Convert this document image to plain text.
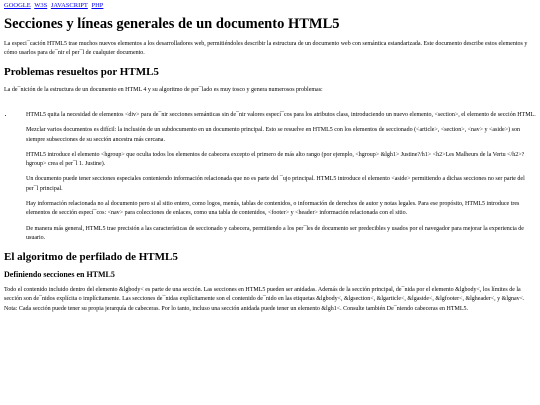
GOOGLE W3S JAVASCRIPT PHP
Secciones y líneas generales de un documento HTML5

La especi¯cación HTML5 trae muchos nuevos elementos a los desarrolladores web, permitiéndoles describir la estructura de un documento web con semántica estandarizada. Este documento describe estos elementos y cómo usarlos para de¯nir el per¯l de cualquier documento.

Problemas resueltos por HTML5

La de¯nición de la estructura de un documento en HTML 4 y su algoritmo de per¯lado es muy tosco y genera numerosos problemas:

• HTML5 quita la necesidad de elementos <div> para de¯nir secciones semánticas sin de¯nir valores especí¯cos para los atributos class, introduciendo un nuevo elemento, <section>, el elemento de sección HTML.

Mezclar varios documentos es difícil: la inclusión de un subdocumento en un documento principal. Esto se resuelve en HTML5 con los elementos de seccionado (<article>, <section>, <nav> y <aside>) son siempre subsecciones de su sección ancestra más cercana.

HTML5 introduce el elemento <hgroup> que oculta todos los elementos de cabecera excepto el primero de más alto rango (por ejemplo, <hgroup> &lgh1> Justine?/h1> <h2>Les Malheurs de la Vertu </h2>?hgroup> crea el per¯l 1. Justine).

Un documento puede tener secciones especiales conteniendo información relacionada que no es parte del ¯ujo principal. HTML5 introduce el elemento <aside> permitiendo a dichas secciones no ser parte del per¯l principal.

Hay información relacionada no al documento pero si al sitio entero, como logos, menús, tablas de contenidos, o información de derechos de autor y notas legales. Para ese propósito, HTML5 introduce tres elementos de sección especí¯cos: <nav> para colecciones de enlaces, como una tabla de contenidos, <footer> y <header> información relacionada con el sitio.

De manera más general, HTML5 trae precisión a las características de seccionado y cabecera, permitiendo a los per¯les de documento ser predecibles y usados por el navegador para mejorar la experiencia de usuario.

El algoritmo de perfilado de HTML5
Definiendo secciones en HTML5

Todo el contenido incluido dentro del elemento &lgbody< es parte de una sección. Las secciones en HTML5 pueden ser anidadas. Además de la sección principal, de¯nida por el elemento &lgbody<, los límites de la sección son de¯nidos explícita o implícitamente. Las secciones de¯nidas explícitamente son el contenido de¯nido en las etiquetas &lgbody<, &lgsection<, &lgarticle<, &lgaside<, &lgfooter<, &lgheader<, y &lgnav<. Nota: Cada sección puede tener su propia jerarquía de cabeceras. Por lo tanto, incluso una sección anidada puede tener un elemento &lgh1<. Consulte también De¯niendo cabeceras en HTML5.
